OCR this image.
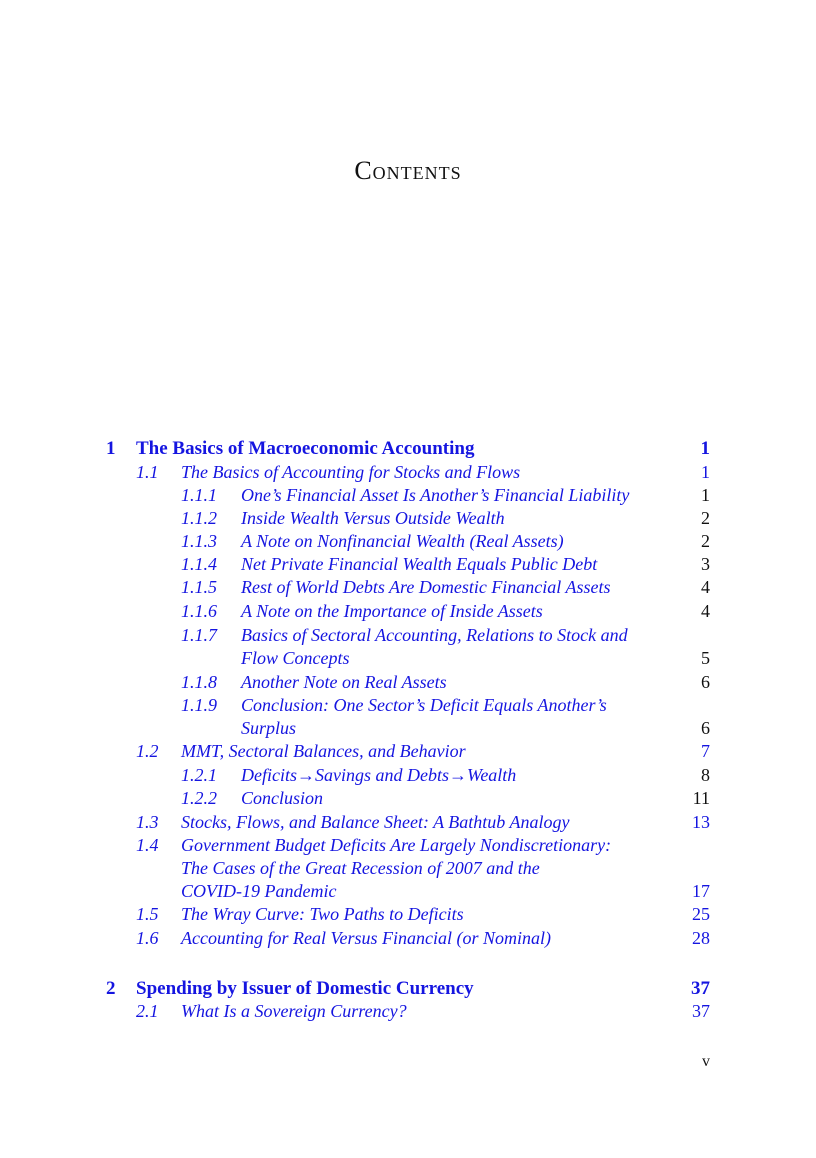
Contents
1 The Basics of Macroeconomic Accounting	1
1.1 The Basics of Accounting for Stocks and Flows	1
1.1.1 One’s Financial Asset Is Another’s Financial Liability	1
1.1.2 Inside Wealth Versus Outside Wealth	2
1.1.3 A Note on Nonfinancial Wealth (Real Assets)	2
1.1.4 Net Private Financial Wealth Equals Public Debt	3
1.1.5 Rest of World Debts Are Domestic Financial Assets	4
1.1.6 A Note on the Importance of Inside Assets	4
1.1.7 Basics of Sectoral Accounting, Relations to Stock and
Flow Concepts	5
1.1.8 Another Note on Real Assets	6
1.1.9 Conclusion: One Sector’s Deficit Equals Another’s
Surplus	6
1.2 MMT, Sectoral Balances, and Behavior	7
1.2.1 Deficits→Savings and Debts→Wealth	8
1.2.2 Conclusion	11
1.3 Stocks, Flows, and Balance Sheet: A Bathtub Analogy	13
1.4 Government Budget Deficits Are Largely Nondiscretionary:
The Cases of the Great Recession of 2007 and the
COVID-19 Pandemic	17
1.5 The Wray Curve: Two Paths to Deficits	25
1.6 Accounting for Real Versus Financial (or Nominal)	28
2 Spending by Issuer of Domestic Currency	37
2.1 What Is a Sovereign Currency?	37
v
